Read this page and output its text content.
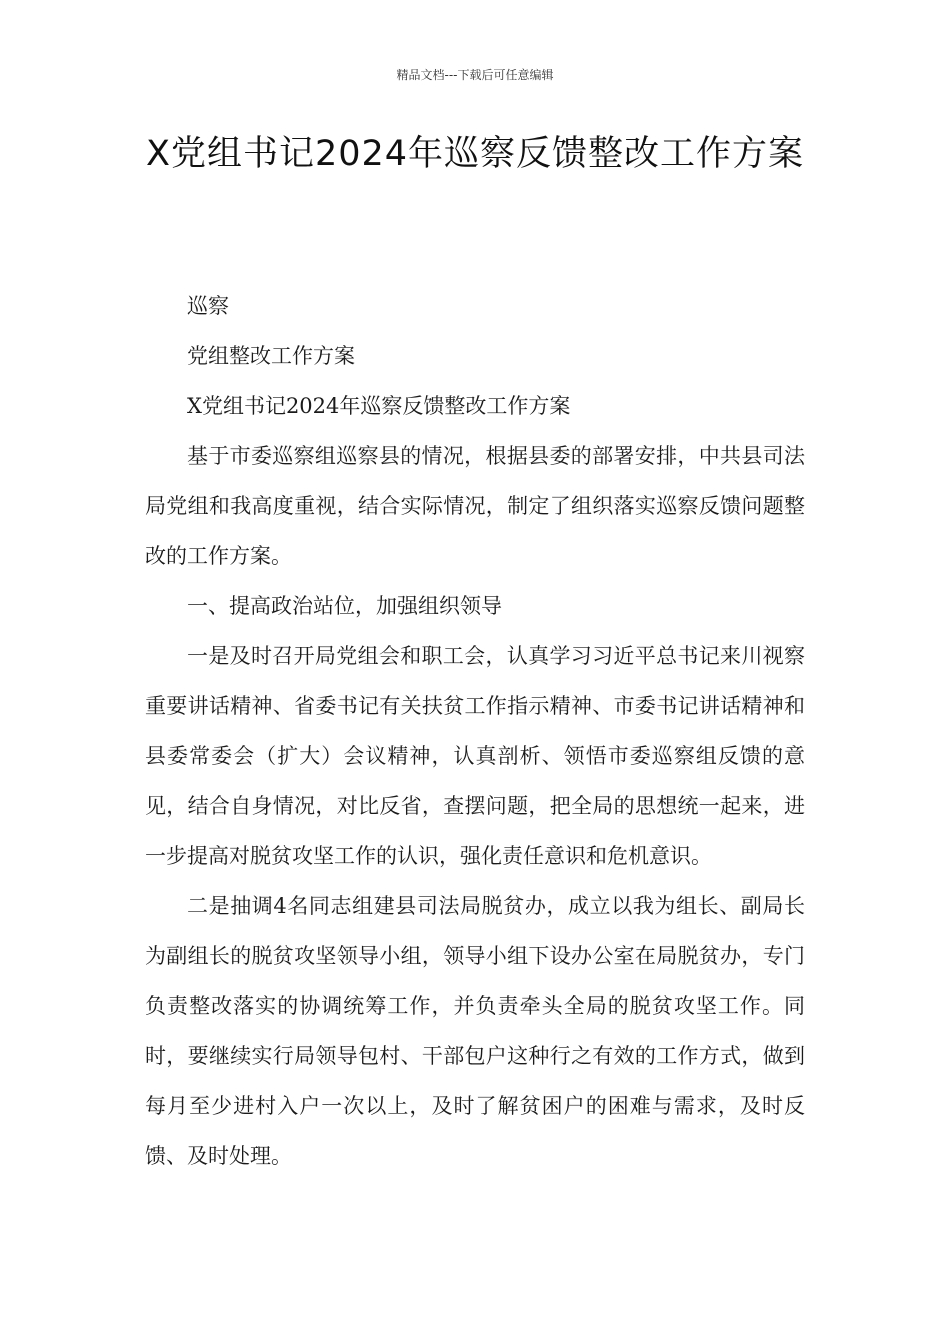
精品文档---下载后可任意编辑
X党组书记2024年巡察反馈整改工作方案

巡察

党组整改工作方案

X党组书记2024年巡察反馈整改工作方案

基于市委巡察组巡察县的情况，根据县委的部署安排，中共县司法局党组和我高度重视，结合实际情况，制定了组织落实巡察反馈问题整改的工作方案。

一、提高政治站位，加强组织领导

一是及时召开局党组会和职工会，认真学习习近平总书记来川视察重要讲话精神、省委书记有关扶贫工作指示精神、市委书记讲话精神和县委常委会（扩大）会议精神，认真剖析、领悟市委巡察组反馈的意见，结合自身情况，对比反省，查摆问题，把全局的思想统一起来，进一步提高对脱贫攻坚工作的认识，强化责任意识和危机意识。

二是抽调4名同志组建县司法局脱贫办，成立以我为组长、副局长为副组长的脱贫攻坚领导小组，领导小组下设办公室在局脱贫办，专门负责整改落实的协调统筹工作，并负责牵头全局的脱贫攻坚工作。同时，要继续实行局领导包村、干部包户这种行之有效的工作方式，做到每月至少进村入户一次以上，及时了解贫困户的困难与需求，及时反馈、及时处理。
